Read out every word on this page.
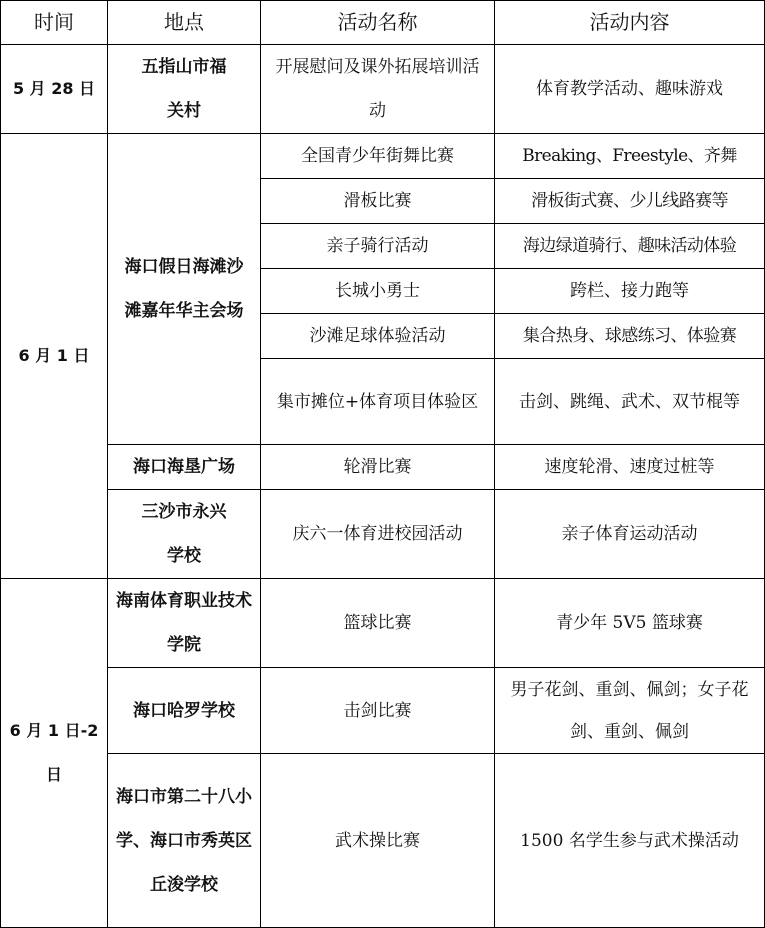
时间	地点	活动名称	活动内容
5 月 28 日	五指山市福关村	开展慰问及课外拓展培训活动	体育教学活动、趣味游戏
6 月 1 日	海口假日海滩沙滩嘉年华主会场	全国青少年街舞比赛	Breaking、Freestyle、齐舞
		滑板比赛	滑板街式赛、少儿线路赛等
		亲子骑行活动	海边绿道骑行、趣味活动体验
		长城小勇士	跨栏、接力跑等
		沙滩足球体验活动	集合热身、球感练习、体验赛
		集市摊位+体育项目体验区	击剑、跳绳、武术、双节棍等
	海口海垦广场	轮滑比赛	速度轮滑、速度过桩等
	三沙市永兴学校	庆六一体育进校园活动	亲子体育运动活动
6 月 1 日-2 日	海南体育职业技术学院	篮球比赛	青少年 5V5 篮球赛
	海口哈罗学校	击剑比赛	男子花剑、重剑、佩剑；女子花剑、重剑、佩剑
	海口市第二十八小学、海口市秀英区丘浚学校	武术操比赛	1500 名学生参与武术操活动
